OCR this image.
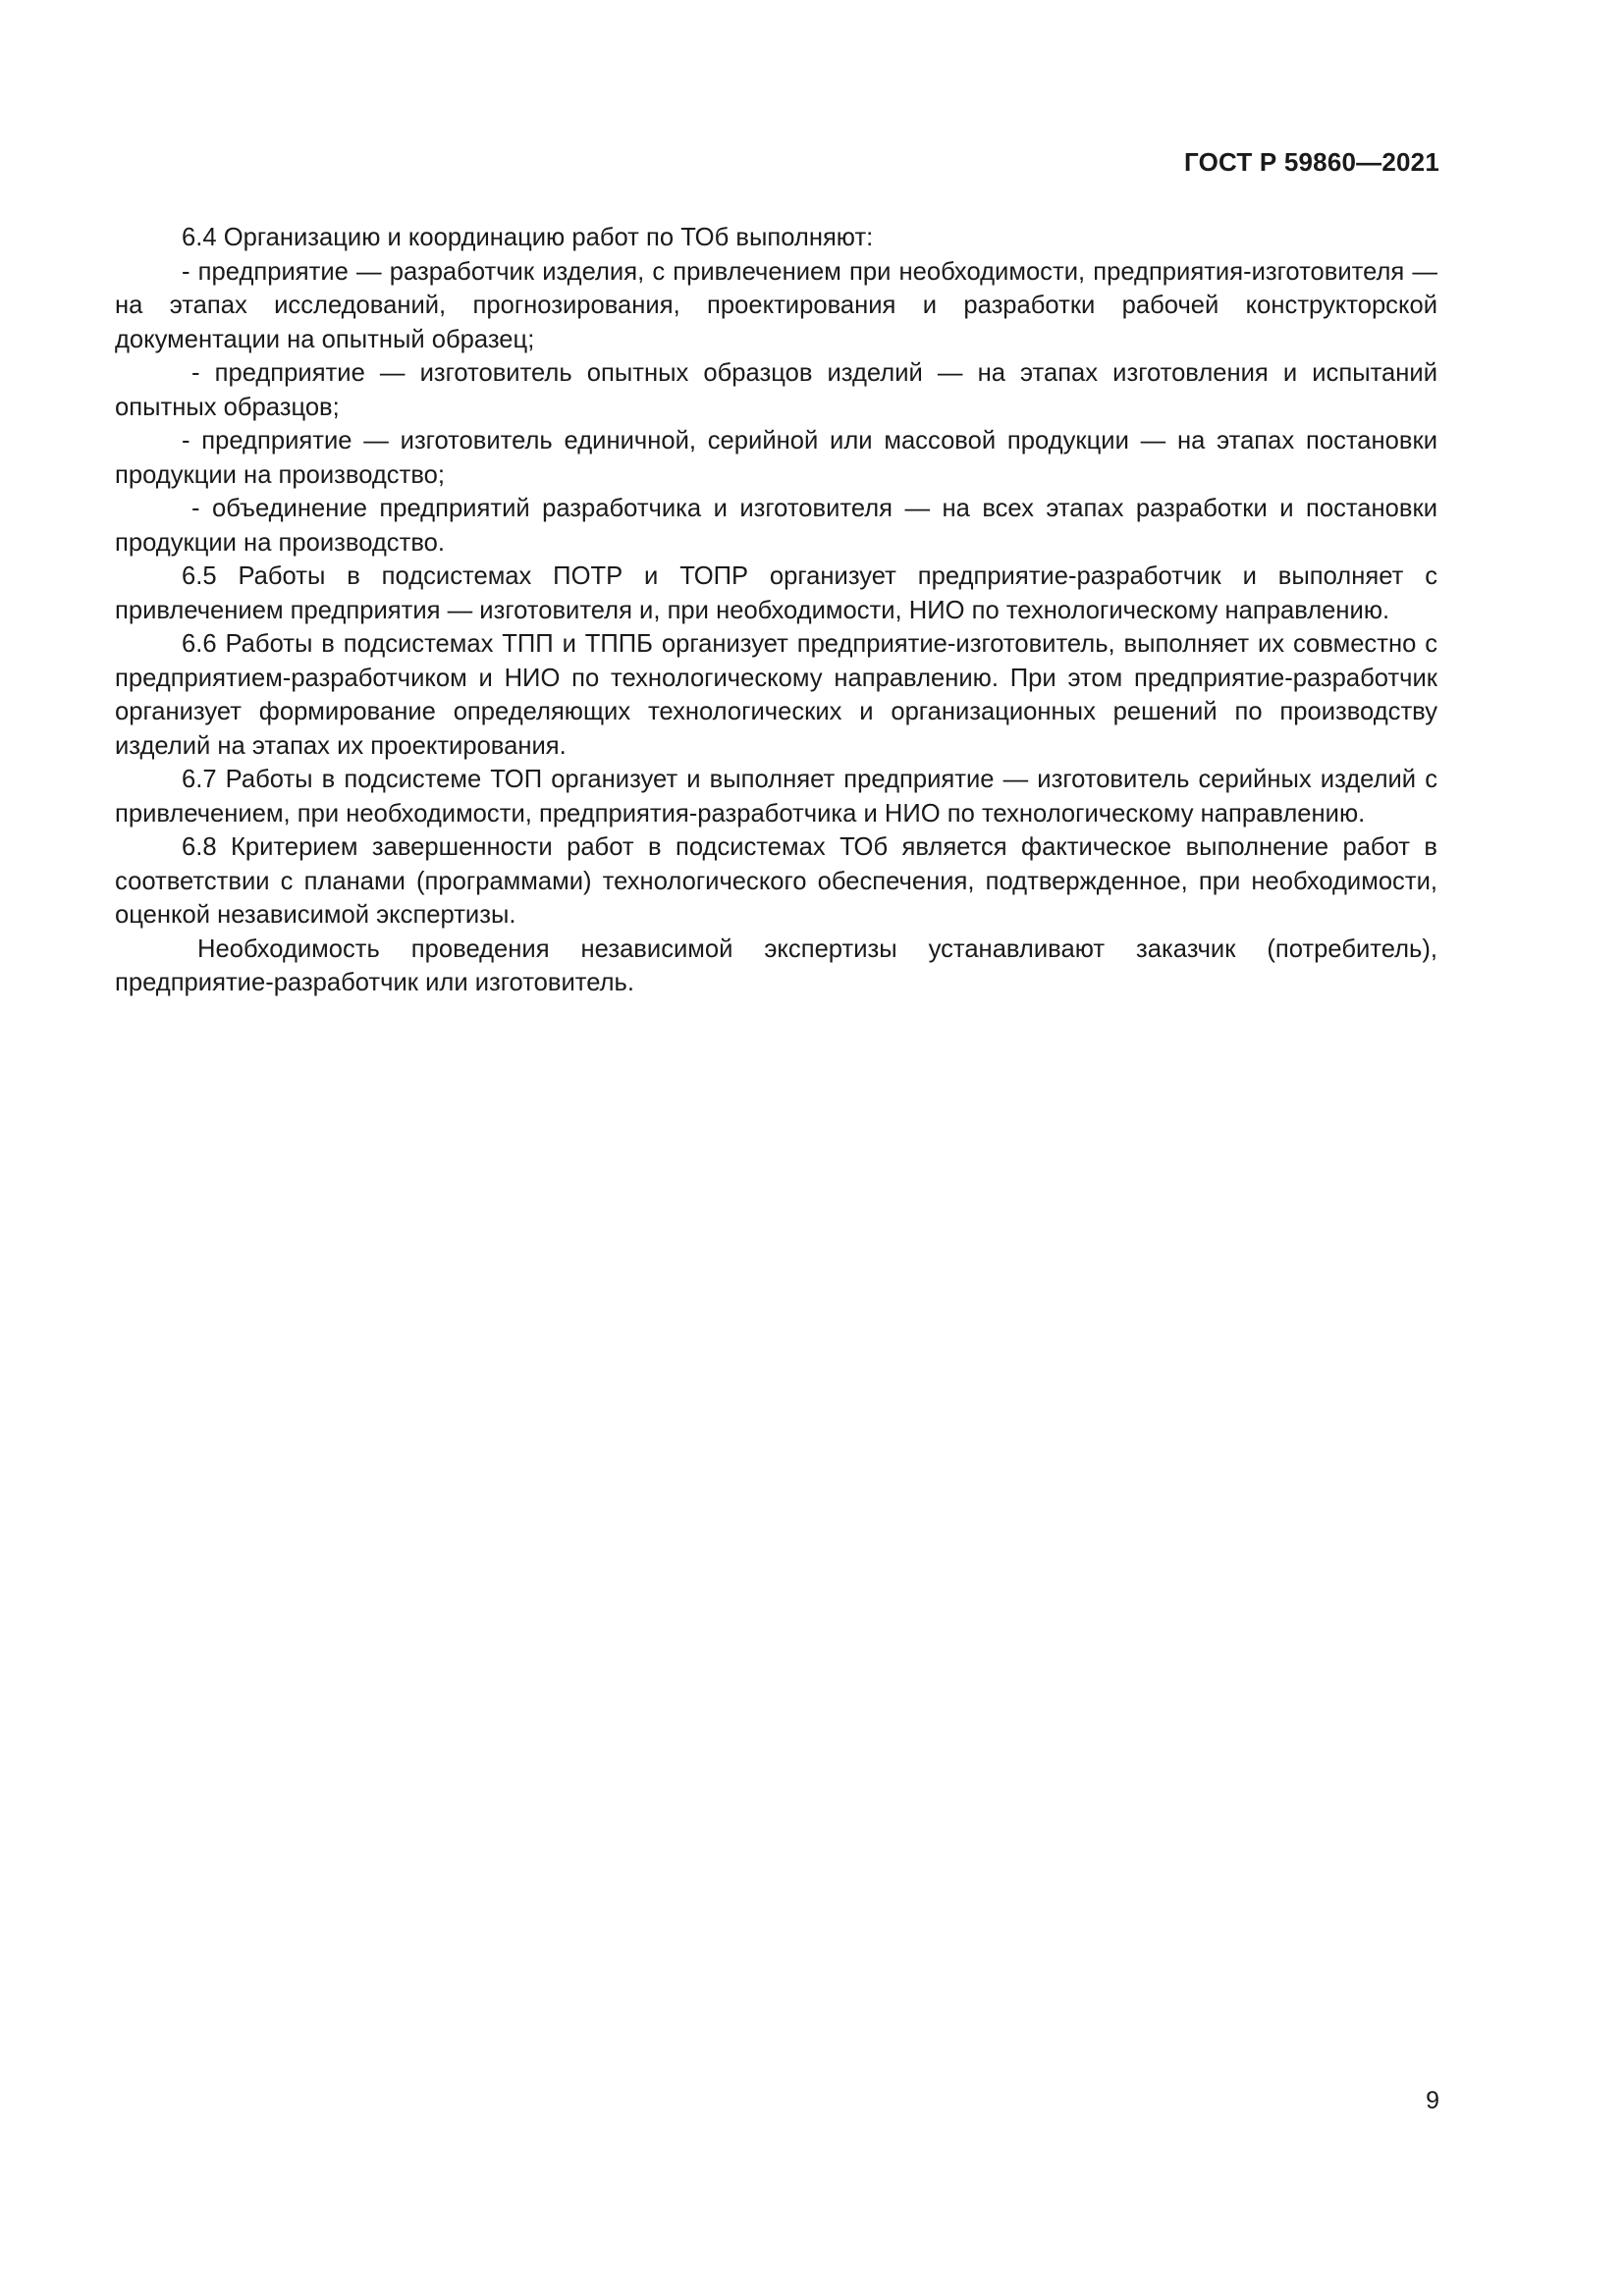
ГОСТ Р 59860—2021

6.4 Организацию и координацию работ по ТОб выполняют:

- предприятие — разработчик изделия, с привлечением при необходимости, предприятия-изготовителя — на этапах исследований, прогнозирования, проектирования и разработки рабочей конструкторской документации на опытный образец;

- предприятие — изготовитель опытных образцов изделий — на этапах изготовления и испытаний опытных образцов;

- предприятие — изготовитель единичной, серийной или массовой продукции — на этапах постановки продукции на производство;

- объединение предприятий разработчика и изготовителя — на всех этапах разработки и постановки продукции на производство.

6.5 Работы в подсистемах ПОТР и ТОПР организует предприятие-разработчик и выполняет с привлечением предприятия — изготовителя и, при необходимости, НИО по технологическому направлению.

6.6 Работы в подсистемах ТПП и ТППБ организует предприятие-изготовитель, выполняет их совместно с предприятием-разработчиком и НИО по технологическому направлению. При этом предприятие-разработчик организует формирование определяющих технологических и организационных решений по производству изделий на этапах их проектирования.

6.7 Работы в подсистеме ТОП организует и выполняет предприятие — изготовитель серийных изделий с привлечением, при необходимости, предприятия-разработчика и НИО по технологическому направлению.

6.8 Критерием завершенности работ в подсистемах ТОб является фактическое выполнение работ в соответствии с планами (программами) технологического обеспечения, подтвержденное, при необходимости, оценкой независимой экспертизы.

Необходимость проведения независимой экспертизы устанавливают заказчик (потребитель), предприятие-разработчик или изготовитель.

9
